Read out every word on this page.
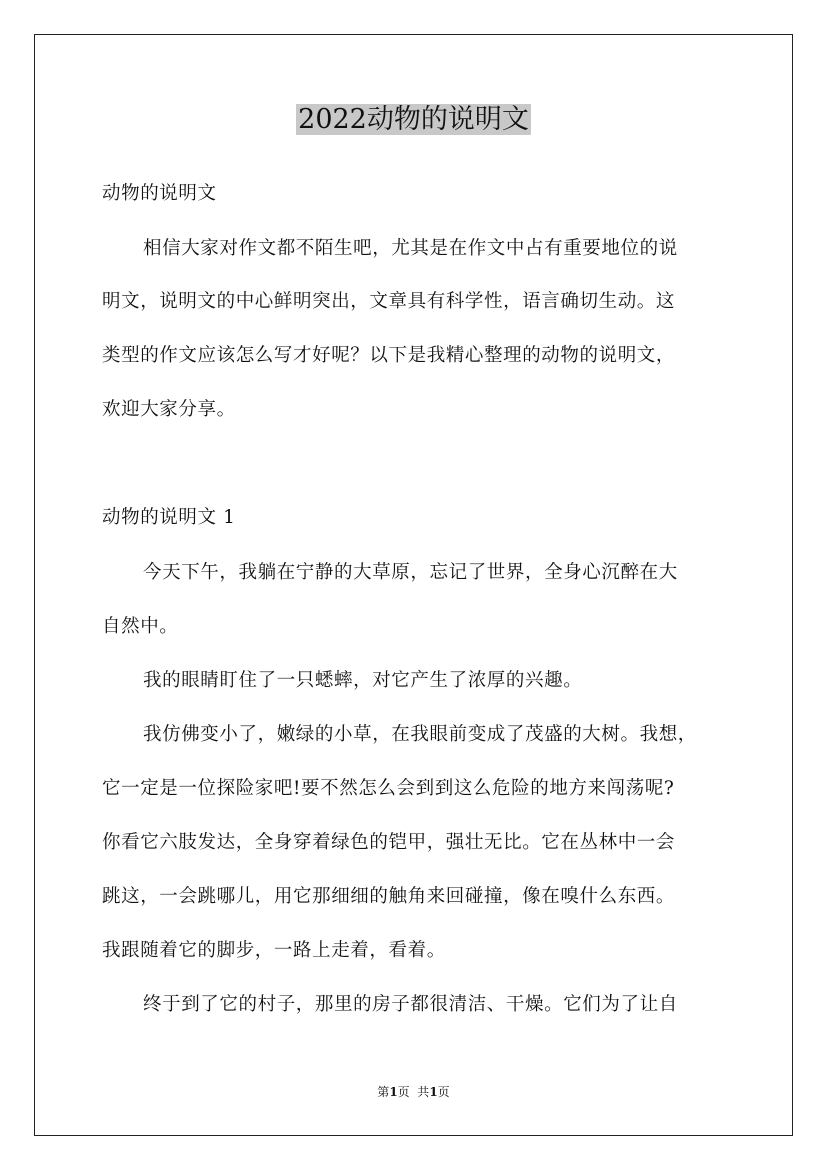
2022动物的说明文
动物的说明文
相信大家对作文都不陌生吧，尤其是在作文中占有重要地位的说
明文，说明文的中心鲜明突出，文章具有科学性，语言确切生动。这
类型的作文应该怎么写才好呢？以下是我精心整理的动物的说明文，
欢迎大家分享。
动物的说明文 1
今天下午，我躺在宁静的大草原，忘记了世界，全身心沉醉在大
自然中。
我的眼睛盯住了一只蟋蟀，对它产生了浓厚的兴趣。
我仿佛变小了，嫩绿的小草，在我眼前变成了茂盛的大树。我想，
它一定是一位探险家吧!要不然怎么会到到这么危险的地方来闯荡呢?
你看它六肢发达，全身穿着绿色的铠甲，强壮无比。它在丛林中一会
跳这，一会跳哪儿，用它那细细的触角来回碰撞，像在嗅什么东西。
我跟随着它的脚步，一路上走着，看着。
终于到了它的村子，那里的房子都很清洁、干燥。它们为了让自
第1页  共1页
